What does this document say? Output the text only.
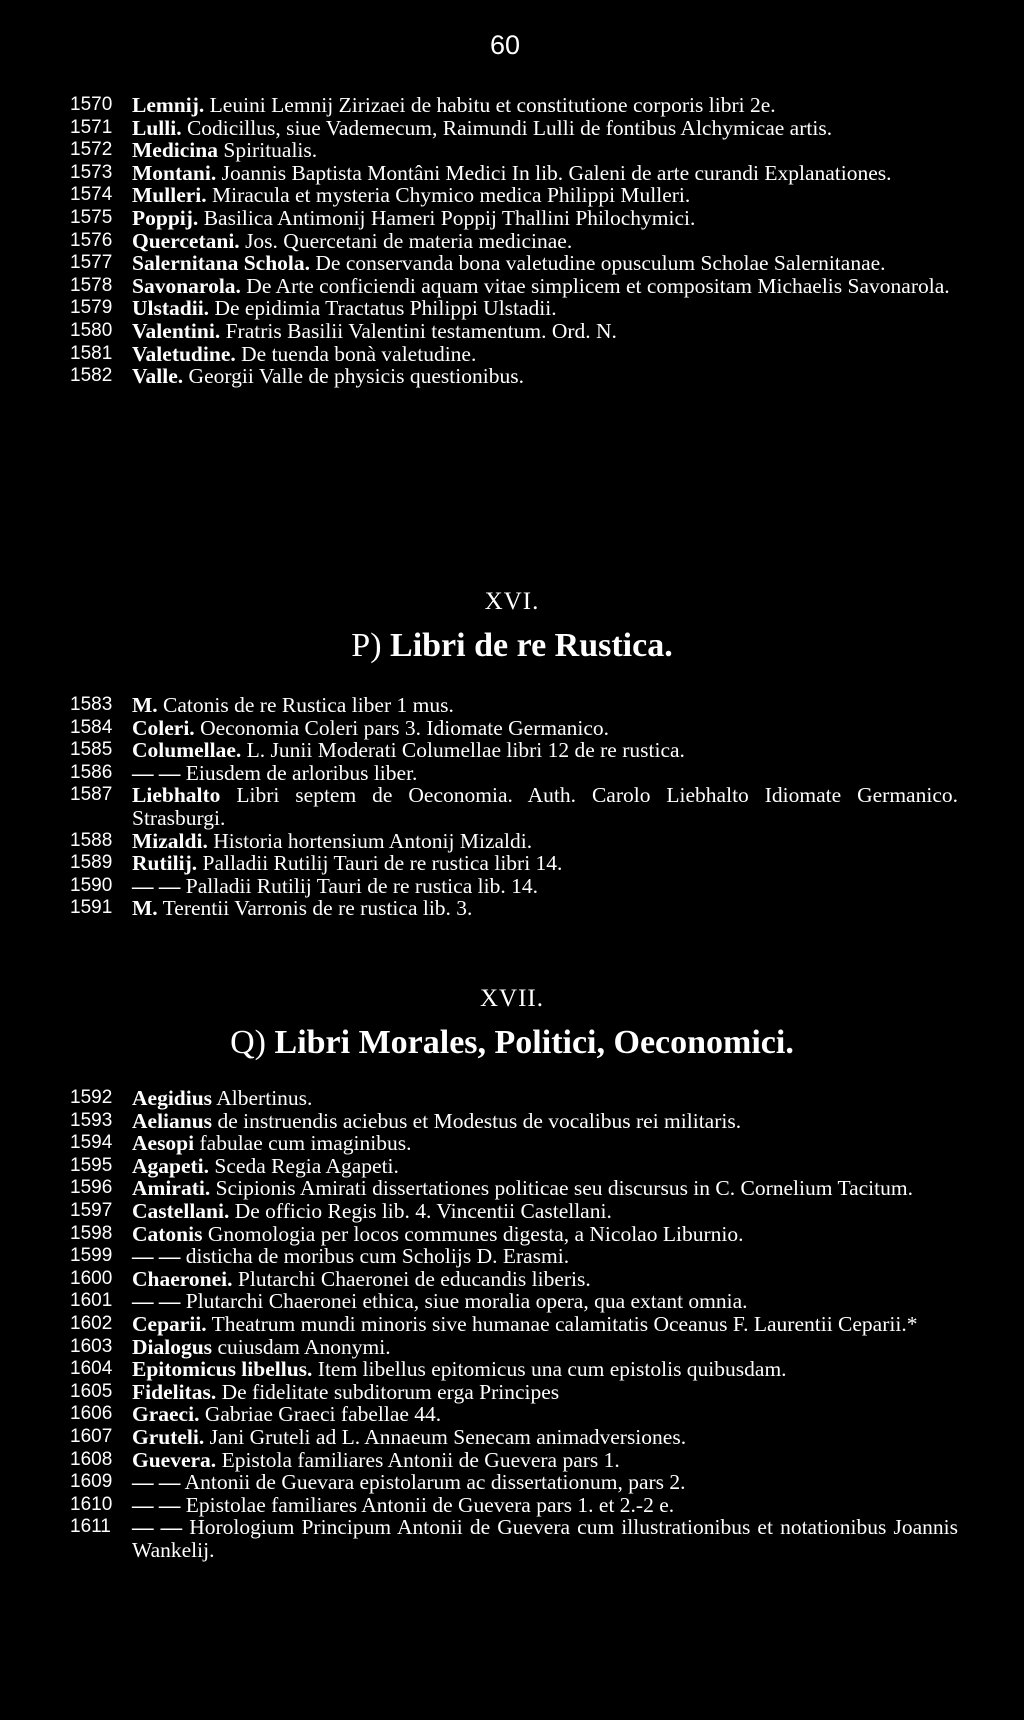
60
1570 Lemnij. Leuini Lemnij Zirizaei de habitu et constitutione corporis libri 2e.
1571 Lulli. Codicillus, siue Vademecum, Raimundi Lulli de fontibus Alchymicae artis.
1572 Medicina Spiritualis.
1573 Montani. Joannis Baptista Montâni Medici In lib. Galeni de arte curandi Explanationes.
1574 Mulleri. Miracula et mysteria Chymico medica Philippi Mulleri.
1575 Poppij. Basilica Antimonij Hameri Poppij Thallini Philochymici.
1576 Quercetani. Jos. Quercetani de materia medicinae.
1577 Salernitana Schola. De conservanda bona valetudine opusculum Scholae Salernitanae.
1578 Savonarola. De Arte conficiendi aquam vitae simplicem et compositam Michaelis Savonarola.
1579 Ulstadii. De epidimia Tractatus Philippi Ulstadii.
1580 Valentini. Fratris Basilii Valentini testamentum. Ord. N.
1581 Valetudine. De tuenda bonà valetudine.
1582 Valle. Georgii Valle de physicis questionibus.
XVI.
P) Libri de re Rustica.
1583 M. Catonis de re Rustica liber 1 mus.
1584 Coleri. Oeconomia Coleri pars 3. Idiomate Germanico.
1585 Columellae. L. Junii Moderati Columellae libri 12 de re rustica.
1586 — — Eiusdem de arloribus liber.
1587 Liebhalto Libri septem de Oeconomia. Auth. Carolo Liebhalto Idiomate Germanico. Strasburgi.
1588 Mizaldi. Historia hortensium Antonij Mizaldi.
1589 Rutilij. Palladii Rutilij Tauri de re rustica libri 14.
1590 — — Palladii Rutilij Tauri de re rustica lib. 14.
1591 M. Terentii Varronis de re rustica lib. 3.
XVII.
Q) Libri Morales, Politici, Oeconomici.
1592 Aegidius Albertinus.
1593 Aelianus de instruendis aciebus et Modestus de vocalibus rei militaris.
1594 Aesopi fabulae cum imaginibus.
1595 Agapeti. Sceda Regia Agapeti.
1596 Amirati. Scipionis Amirati dissertationes politicae seu discursus in C. Cornelium Tacitum.
1597 Castellani. De officio Regis lib. 4. Vincentii Castellani.
1598 Catonis Gnomologia per locos communes digesta, a Nicolao Liburnio.
1599 — — disticha de moribus cum Scholijs D. Erasmi.
1600 Chaeronei. Plutarchi Chaeronei de educandis liberis.
1601 — — Plutarchi Chaeronei ethica, siue moralia opera, qua extant omnia.
1602 Ceparii. Theatrum mundi minoris sive humanae calamitatis Oceanus F. Laurentii Ceparii.*
1603 Dialogus cuiusdam Anonymi.
1604 Epitomicus libellus. Item libellus epitomicus una cum epistolis quibusdam.
1605 Fidelitas. De fidelitate subditorum erga Principes
1606 Graeci. Gabriae Graeci fabellae 44.
1607 Gruteli. Jani Gruteli ad L. Annaeum Senecam animadversiones.
1608 Guevera. Epistola familiares Antonii de Guevera pars 1.
1609 — — Antonii de Guevara epistolarum ac dissertationum, pars 2.
1610 — — Epistolae familiares Antonii de Guevera pars 1. et 2.-2 e.
1611 — — Horologium Principum Antonii de Guevera cum illustrationibus et notationibus Joannis Wankelij.
